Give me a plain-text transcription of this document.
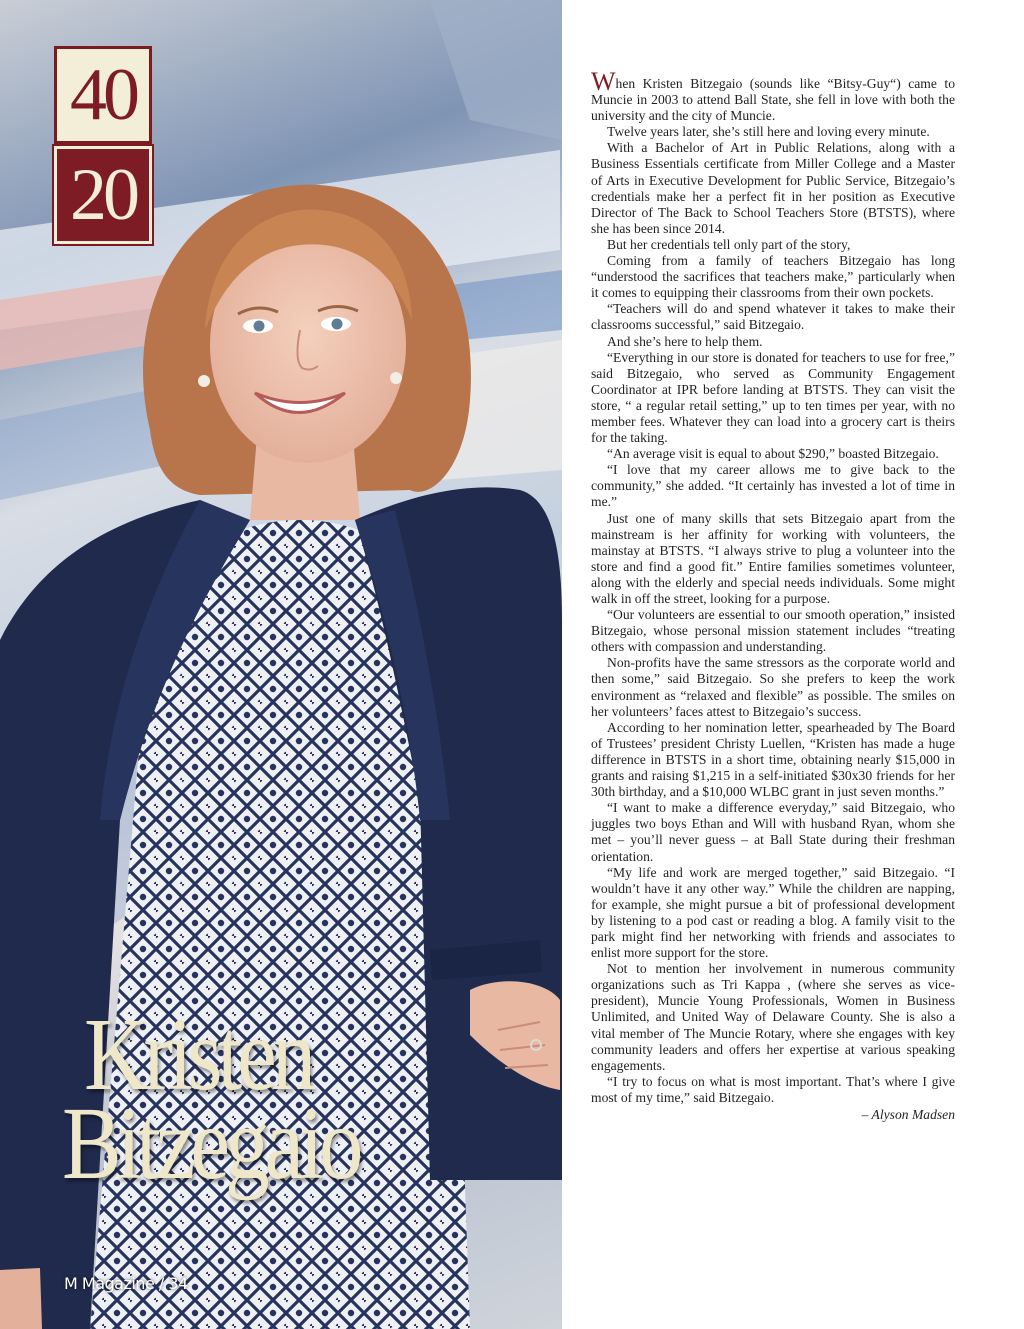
40
20
Kristen
Bitzegaio
M Magazine / 34

When Kristen Bitzegaio (sounds like “Bitsy-Guy“) came to Muncie in 2003 to attend Ball State, she fell in love with both the university and the city of Muncie.

Twelve years later, she’s still here and loving every minute.

With a Bachelor of Art in Public Relations, along with a Business Essentials certificate from Miller College and a Master of Arts in Executive Development for Public Service, Bitzegaio’s credentials make her a perfect fit in her position as Executive Director of The Back to School Teachers Store (BTSTS), where she has been since 2014.

But her credentials tell only part of the story,

Coming from a family of teachers Bitzegaio has long “understood the sacrifices that teachers make,” particularly when it comes to equipping their classrooms from their own pockets.

“Teachers will do and spend whatever it takes to make their classrooms successful,” said Bitzegaio.

And she’s here to help them.

“Everything in our store is donated for teachers to use for free,” said Bitzegaio, who served as Community Engagement Coordinator at IPR before landing at BTSTS. They can visit the store, “ a regular retail setting,” up to ten times per year, with no member fees. Whatever they can load into a grocery cart is theirs for the taking.

“An average visit is equal to about $290,” boasted Bitzegaio.

“I love that my career allows me to give back to the community,” she added. “It certainly has invested a lot of time in me.”

Just one of many skills that sets Bitzegaio apart from the mainstream is her affinity for working with volunteers, the mainstay at BTSTS. “I always strive to plug a volunteer into the store and find a good fit.” Entire families sometimes volunteer, along with the elderly and special needs individuals. Some might walk in off the street, looking for a purpose.

“Our volunteers are essential to our smooth operation,” insisted Bitzegaio, whose personal mission statement includes “treating others with compassion and understanding.

Non-profits have the same stressors as the corporate world and then some,” said Bitzegaio. So she prefers to keep the work environment as “relaxed and flexible” as possible. The smiles on her volunteers’ faces attest to Bitzegaio’s success.

According to her nomination letter, spearheaded by The Board of Trustees’ president Christy Luellen, “Kristen has made a huge difference in BTSTS in a short time, obtaining nearly $15,000 in grants and raising $1,215 in a self-initiated $30x30 friends for her 30th birthday, and a $10,000 WLBC grant in just seven months.”

“I want to make a difference everyday,” said Bitzegaio, who juggles two boys Ethan and Will with husband Ryan, whom she met – you’ll never guess – at Ball State during their freshman orientation.

“My life and work are merged together,” said Bitzegaio. “I wouldn’t have it any other way.” While the children are napping, for example, she might pursue a bit of professional development by listening to a pod cast or reading a blog. A family visit to the park might find her networking with friends and associates to enlist more support for the store.

Not to mention her involvement in numerous community organizations such as Tri Kappa , (where she serves as vice-president), Muncie Young Professionals, Women in Business Unlimited, and United Way of Delaware County. She is also a vital member of The Muncie Rotary, where she engages with key community leaders and offers her expertise at various speaking engagements.

“I try to focus on what is most important. That’s where I give most of my time,” said Bitzegaio.

– Alyson Madsen
